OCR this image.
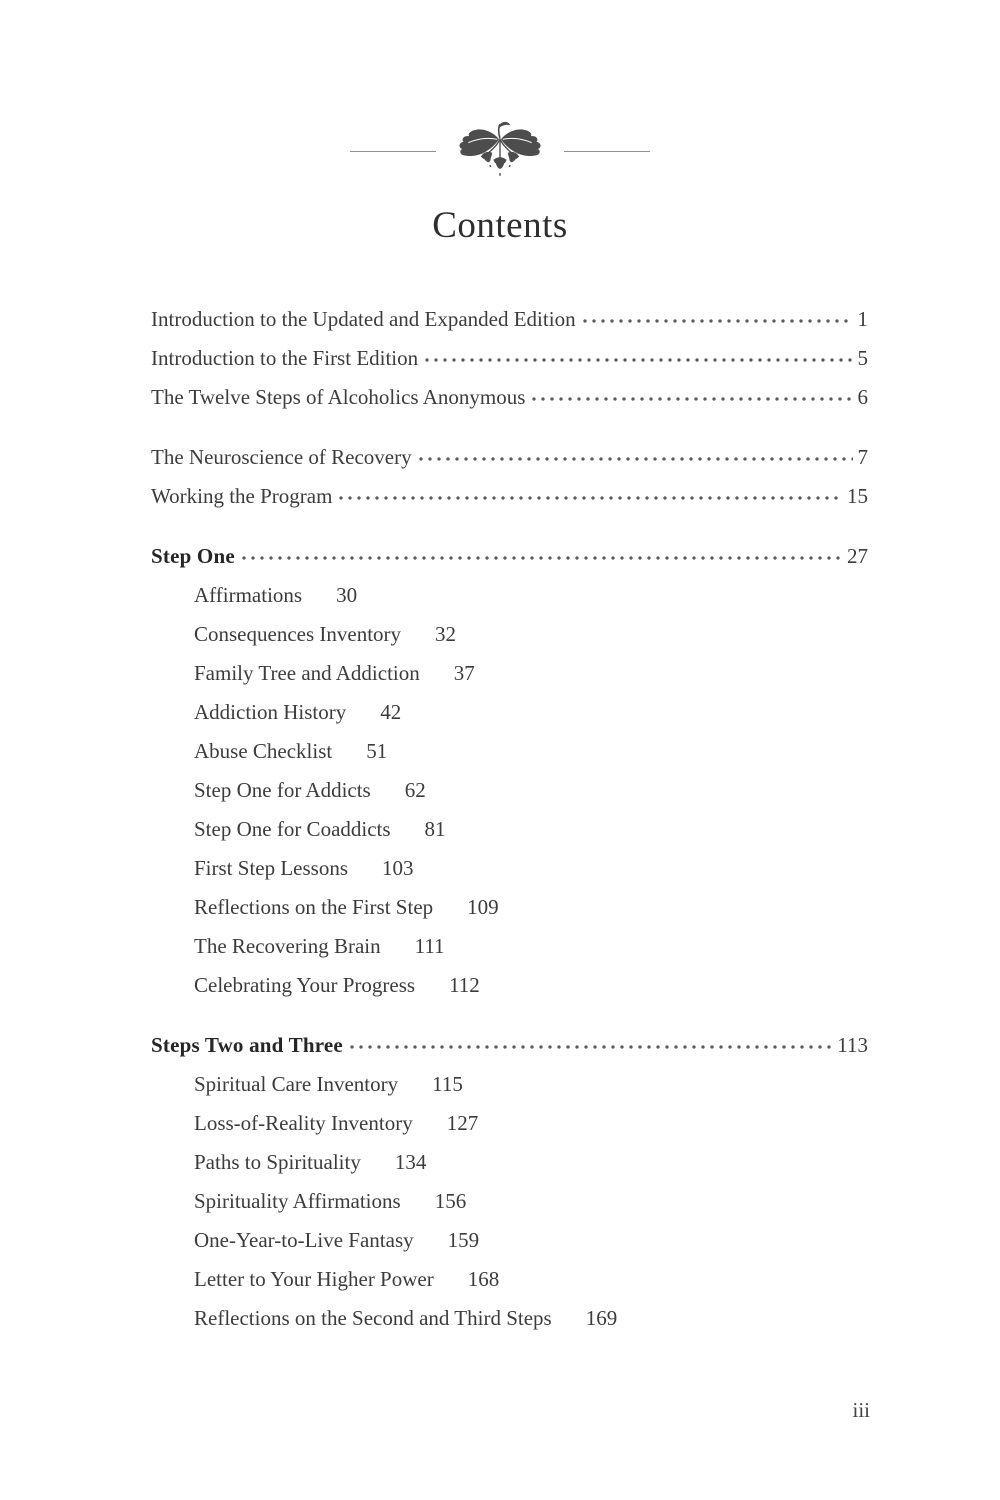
Contents
Introduction to the Updated and Expanded Edition	1
Introduction to the First Edition	5
The Twelve Steps of Alcoholics Anonymous	6
The Neuroscience of Recovery	7
Working the Program	15
Step One	27
Affirmations 30
Consequences Inventory 32
Family Tree and Addiction 37
Addiction History 42
Abuse Checklist 51
Step One for Addicts 62
Step One for Coaddicts 81
First Step Lessons 103
Reflections on the First Step 109
The Recovering Brain 111
Celebrating Your Progress 112
Steps Two and Three	113
Spiritual Care Inventory 115
Loss-of-Reality Inventory 127
Paths to Spirituality 134
Spirituality Affirmations 156
One-Year-to-Live Fantasy 159
Letter to Your Higher Power 168
Reflections on the Second and Third Steps 169
iii
